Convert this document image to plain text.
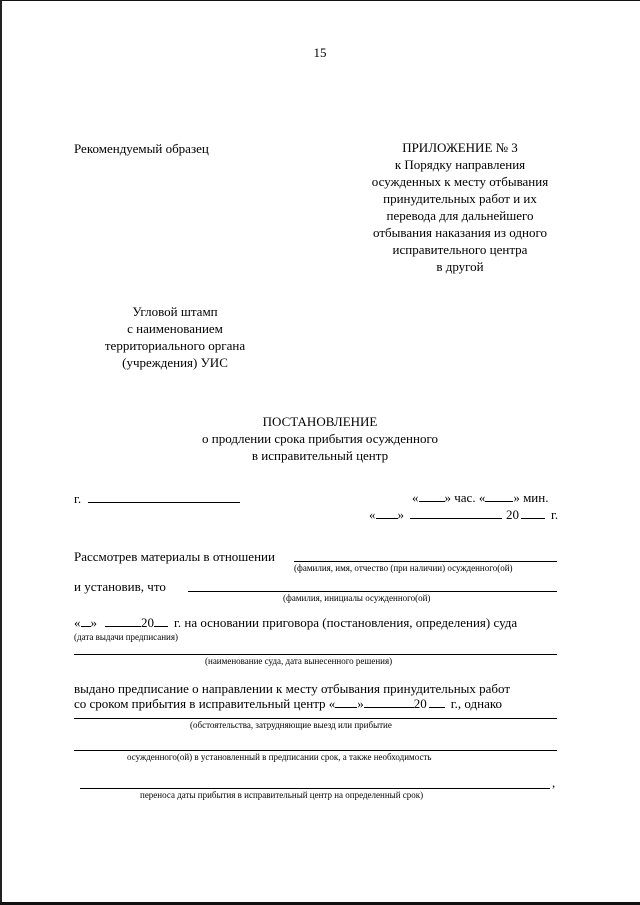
15
Рекомендуемый образец	ПРИЛОЖЕНИЕ № 3
к Порядку направления
осужденных к месту отбывания
принудительных работ и их
перевода для дальнейшего
отбывания наказания из одного
исправительного центра
в другой
Угловой штамп
с наименованием
территориального органа
(учреждения) УИС
ПОСТАНОВЛЕНИЕ
о продлении срока прибытия осужденного
в исправительный центр
г.	« » час. « » мин.
« »	20 г.
Рассмотрев материалы в отношении
(фамилия, имя, отчество (при наличии) осужденного(ой)
и установив, что
(фамилия, инициалы осужденного(ой)
« »	20 г. на основании приговора (постановления, определения) суда
(дата выдачи предписания)
(наименование суда, дата вынесенного решения)
выдано предписание о направлении к месту отбывания принудительных работ
со сроком прибытия в исправительный центр « »	20 г., однако
(обстоятельства, затрудняющие выезд или прибытие
осужденного(ой) в установленный в предписании срок, а также необходимость
,
переноса даты прибытия в исправительный центр на определенный срок)
